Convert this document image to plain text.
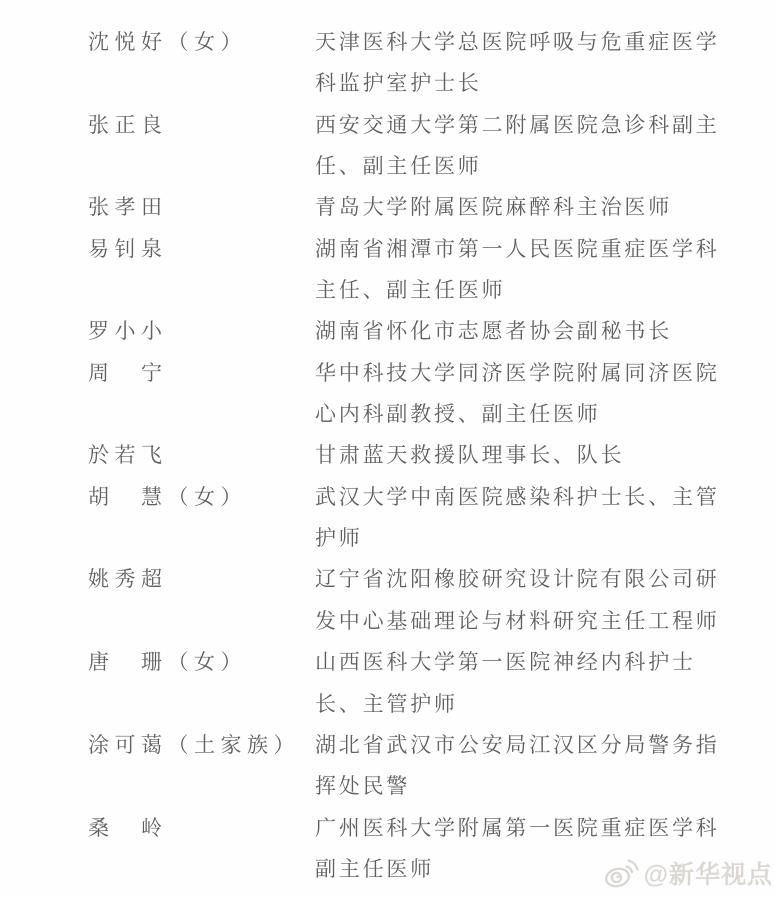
沈悦好（女）	天津医科大学总医院呼吸与危重症医学
科监护室护士长
张正良	西安交通大学第二附属医院急诊科副主
任、副主任医师
张孝田	青岛大学附属医院麻醉科主治医师
易钊泉	湖南省湘潭市第一人民医院重症医学科
主任、副主任医师
罗小小	湖南省怀化市志愿者协会副秘书长
周　宁	华中科技大学同济医学院附属同济医院
心内科副教授、副主任医师
於若飞	甘肃蓝天救援队理事长、队长
胡　慧（女）	武汉大学中南医院感染科护士长、主管
护师
姚秀超	辽宁省沈阳橡胶研究设计院有限公司研
发中心基础理论与材料研究主任工程师
唐　珊（女）	山西医科大学第一医院神经内科护士
长、主管护师
涂可蔼（土家族） 湖北省武汉市公安局江汉区分局警务指
挥处民警
桑　岭	广州医科大学附属第一医院重症医学科
副主任医师	@新华视点
